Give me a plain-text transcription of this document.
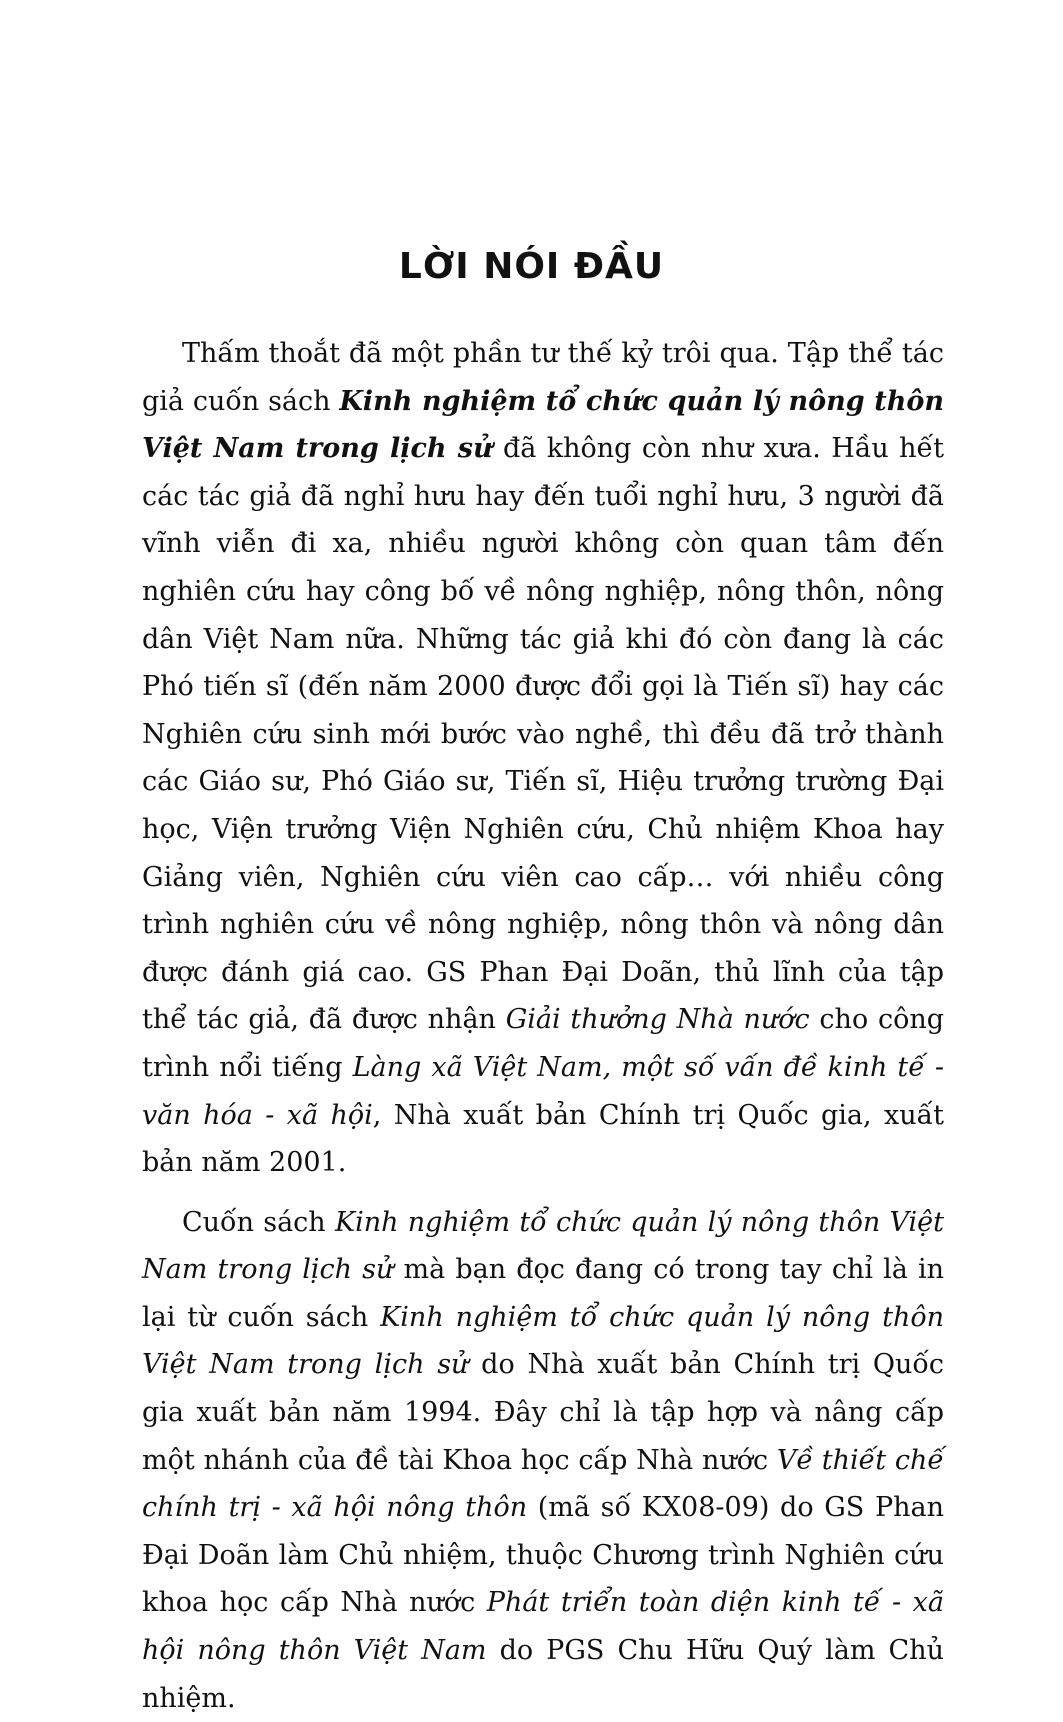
LỜI NÓI ĐẦU

Thấm thoắt đã một phần tư thế kỷ trôi qua. Tập thể tác giả cuốn sách Kinh nghiệm tổ chức quản lý nông thôn Việt Nam trong lịch sử đã không còn như xưa. Hầu hết các tác giả đã nghỉ hưu hay đến tuổi nghỉ hưu, 3 người đã vĩnh viễn đi xa, nhiều người không còn quan tâm đến nghiên cứu hay công bố về nông nghiệp, nông thôn, nông dân Việt Nam nữa. Những tác giả khi đó còn đang là các Phó tiến sĩ (đến năm 2000 được đổi gọi là Tiến sĩ) hay các Nghiên cứu sinh mới bước vào nghề, thì đều đã trở thành các Giáo sư, Phó Giáo sư, Tiến sĩ, Hiệu trưởng trường Đại học, Viện trưởng Viện Nghiên cứu, Chủ nhiệm Khoa hay Giảng viên, Nghiên cứu viên cao cấp… với nhiều công trình nghiên cứu về nông nghiệp, nông thôn và nông dân được đánh giá cao. GS Phan Đại Doãn, thủ lĩnh của tập thể tác giả, đã được nhận Giải thưởng Nhà nước cho công trình nổi tiếng Làng xã Việt Nam, một số vấn đề kinh tế - văn hóa - xã hội, Nhà xuất bản Chính trị Quốc gia, xuất bản năm 2001.

Cuốn sách Kinh nghiệm tổ chức quản lý nông thôn Việt Nam trong lịch sử mà bạn đọc đang có trong tay chỉ là in lại từ cuốn sách Kinh nghiệm tổ chức quản lý nông thôn Việt Nam trong lịch sử do Nhà xuất bản Chính trị Quốc gia xuất bản năm 1994. Đây chỉ là tập hợp và nâng cấp một nhánh của đề tài Khoa học cấp Nhà nước Về thiết chế chính trị - xã hội nông thôn (mã số KX08-09) do GS Phan Đại Doãn làm Chủ nhiệm, thuộc Chương trình Nghiên cứu khoa học cấp Nhà nước Phát triển toàn diện kinh tế - xã hội nông thôn Việt Nam do PGS Chu Hữu Quý làm Chủ nhiệm.
